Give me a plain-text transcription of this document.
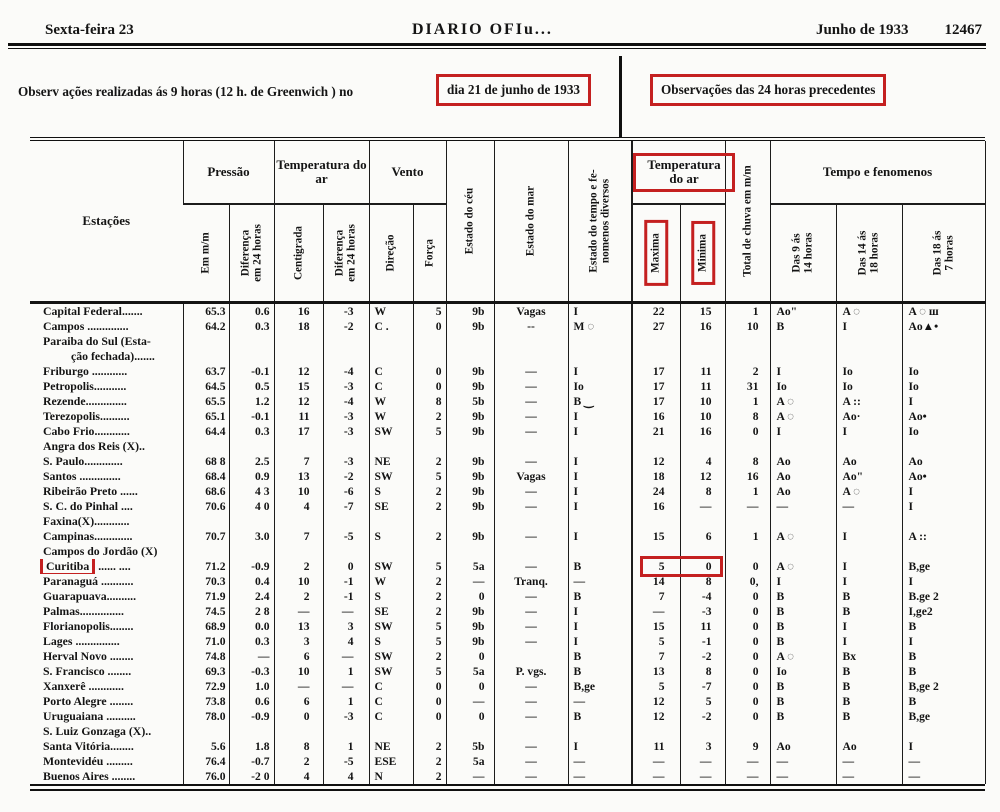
Sexta-feira 23	DIARIO OFIu...	Junho de 1933 12467
Observ ações realizadas ás 9 horas (12 h. de Greenwich ) no	dia 21 de junho de 1933	Observações das 24 horas precedentes
Estações	Pressão		Temperatura do ar		Vento		Estado do céu	Estado do mar	Estado do tempo e fe- nomenos diversos	Temperatura do ar		Total de chuva em m/m	Tempo e fenomenos		

	Em m/m	Diferença em 24 horas	Centigrada	Diferença em 24 horas	Direção	Força				Maxima	Minima		Das 9 ás 14 horas	Das 14 ás 18 horas	Das 18 ás 7 horas

Capital Federal.......	65.3	0.6	16	-3	W	5	9b	Vagas	I	22	15	1	Ao"	A ◌	A ◌ ш
Campos ..............	64.2	0.3	18	-2	C .	0	9b	--	M ◌	27	16	10	B	I	Ao▲•
Paraiba do Sul (Esta-
ção fechada).......															

Friburgo ............	63.7	-0.1	12	-4	C	0	9b	—	I	17	11	2	I	Io	Io
Petropolis...........	64.5	0.5	15	-3	C	0	9b	—	Io	17	11	31	Io	Io	Io
Rezende..............	65.5	1.2	12	-4	W	8	5b	—	B ‿	17	10	1	A ◌	A ::	I
Terezopolis..........	65.1	-0.1	11	-3	W	2	9b	—	I	16	10	8	A ◌	Ao·	Ao•
Cabo Frio............	64.4	0.3	17	-3	SW	5	9b	—	I	21	16	0	I	I	Io
Angra dos Reis (X)..															
S. Paulo.............	68 8	2.5	7	-3	NE	2	9b	—	I	12	4	8	Ao	Ao	Ao
Santos ..............	68.4	0.9	13	-2	SW	5	9b	Vagas	I	18	12	16	Ao	Ao"	Ao•
Ribeirão Preto ......	68.6	4 3	10	-6	S	2	9b	—	I	24	8	1	Ao	A ◌	I
S. C. do Pinhal ....	70.6	4 0	4	-7	SE	2	9b	—	I	16	—	—	—	—	I
Faxina(X)............															
Campinas.............	70.7	3.0	7	-5	S	2	9b	—	I	15	6	1	A ◌	I	A ::
Campos do Jordão (X)															
Curitiba ...... ....	71.2	-0.9	2	0	SW	5	5a	—	B	5	0	0	A ◌	I	B,ge
Paranaguá ...........	70.3	0.4	10	-1	W	2	—	Tranq.	—	14	8	0,	I	I	I
Guarapuava..........	71.9	2.4	2	-1	S	2	0	—	B	7	-4	0	B	B	B.ge 2
Palmas...............	74.5	2 8	—	—	SE	2	9b	—	I	—	-3	0	B	B	I,ge2
Florianopolis........	68.9	0.0	13	3	SW	5	9b	—	I	15	11	0	B	I	B
Lages ...............	71.0	0.3	3	4	S	5	9b	—	I	5	-1	0	B	I	I
Herval Novo ........	74.8	—	6	—	SW	2	0		B	7	-2	0	A ◌	Bx	B
S. Francisco ........	69.3	-0.3	10	1	SW	5	5a	P. vgs.	B	13	8	0	Io	B	B
Xanxerê ............	72.9	1.0	—	—	C	0	0	—	B,ge	5	-7	0	B	B	B,ge 2
Porto Alegre ........	73.8	0.6	6	1	C	0	—	—	—	12	5	0	B	B	B
Uruguaiana ..........	78.0	-0.9	0	-3	C	0	0	—	B	12	-2	0	B	B	B,ge
S. Luiz Gonzaga (X)..															
Santa Vitória........	5.6	1.8	8	1	NE	2	5b	—	I	11	3	9	Ao	Ao	I
Montevidéu .........	76.4	-0.7	2	-5	ESE	2	5a	—	—	—	—	—	—	—	—
Buenos Aires ........	76.0	-2 0	4	4	N	2	—	—	—	—	—	—	—	—	—
